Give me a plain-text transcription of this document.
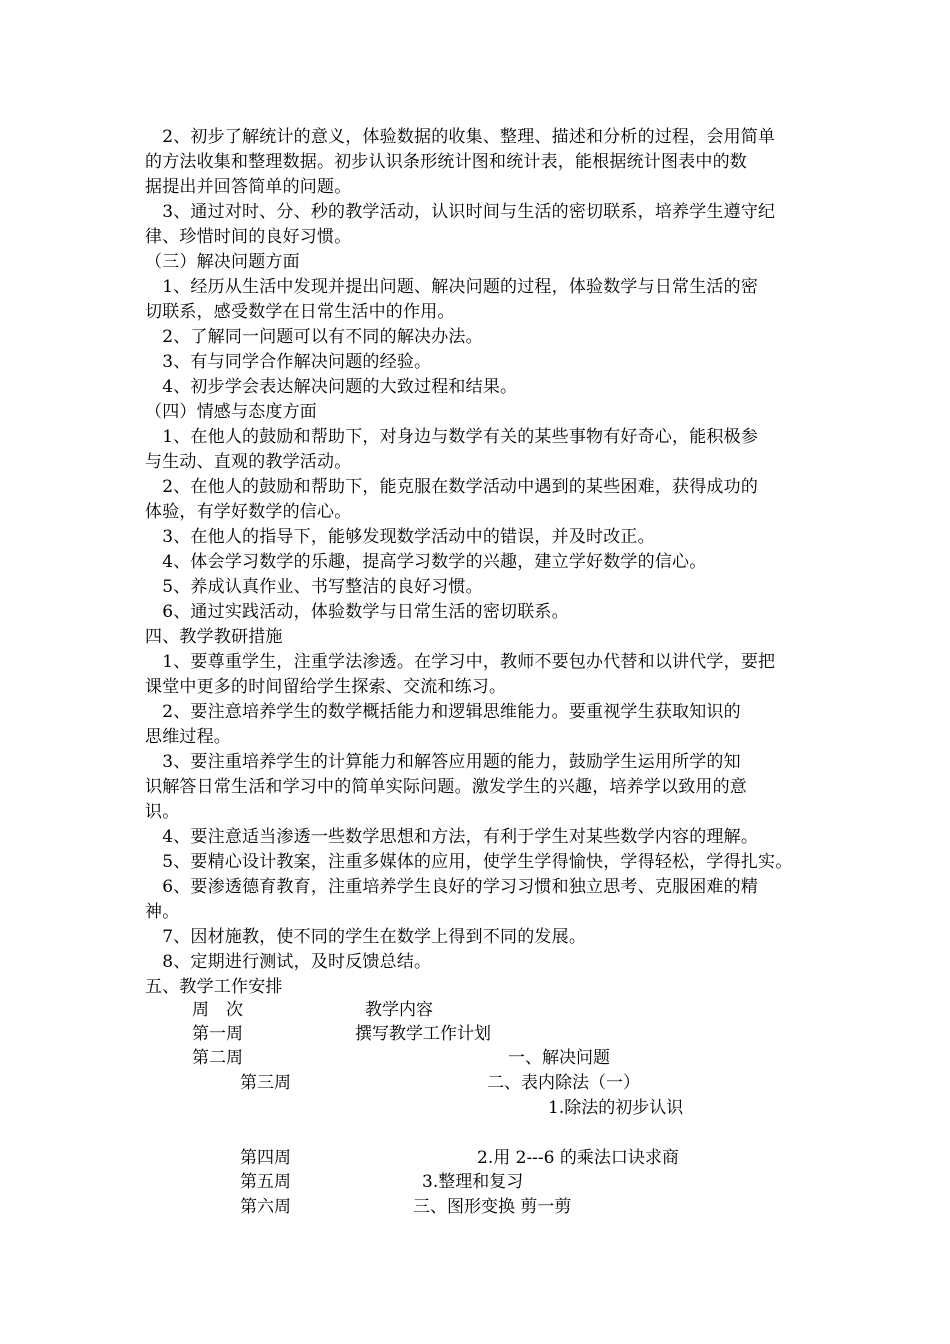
　2、初步了解统计的意义，体验数据的收集、整理、描述和分析的过程，会用简单
的方法收集和整理数据。初步认识条形统计图和统计表，能根据统计图表中的数
据提出并回答简单的问题。
　3、通过对时、分、秒的教学活动，认识时间与生活的密切联系，培养学生遵守纪
律、珍惜时间的良好习惯。
（三）解决问题方面
　1、经历从生活中发现并提出问题、解决问题的过程，体验数学与日常生活的密
切联系，感受数学在日常生活中的作用。
　2、了解同一问题可以有不同的解决办法。
　3、有与同学合作解决问题的经验。
　4、初步学会表达解决问题的大致过程和结果。
（四）情感与态度方面
　1、在他人的鼓励和帮助下，对身边与数学有关的某些事物有好奇心，能积极参
与生动、直观的教学活动。
　2、在他人的鼓励和帮助下，能克服在数学活动中遇到的某些困难，获得成功的
体验，有学好数学的信心。
　3、在他人的指导下，能够发现数学活动中的错误，并及时改正。
　4、体会学习数学的乐趣，提高学习数学的兴趣，建立学好数学的信心。
　5、养成认真作业、书写整洁的良好习惯。
　6、通过实践活动，体验数学与日常生活的密切联系。
四、教学教研措施
　1、要尊重学生，注重学法渗透。在学习中，教师不要包办代替和以讲代学，要把
课堂中更多的时间留给学生探索、交流和练习。
　2、要注意培养学生的数学概括能力和逻辑思维能力。要重视学生获取知识的
思维过程。
　3、要注重培养学生的计算能力和解答应用题的能力，鼓励学生运用所学的知
识解答日常生活和学习中的简单实际问题。激发学生的兴趣，培养学以致用的意
识。
　4、要注意适当渗透一些数学思想和方法，有利于学生对某些数学内容的理解。
　5、要精心设计教案，注重多媒体的应用，使学生学得愉快，学得轻松，学得扎实。
　6、要渗透德育教育，注重培养学生良好的学习习惯和独立思考、克服困难的精
神。
　7、因材施教，使不同的学生在数学上得到不同的发展。
　8、定期进行测试，及时反馈总结。
五、教学工作安排
周　次	教学内容
第一周	撰写教学工作计划
第二周	一、解决问题
第三周	二、表内除法（一）
1.除法的初步认识
第四周	2.用 2---6 的乘法口诀求商
第五周	3.整理和复习
第六周	三、图形变换 剪一剪
